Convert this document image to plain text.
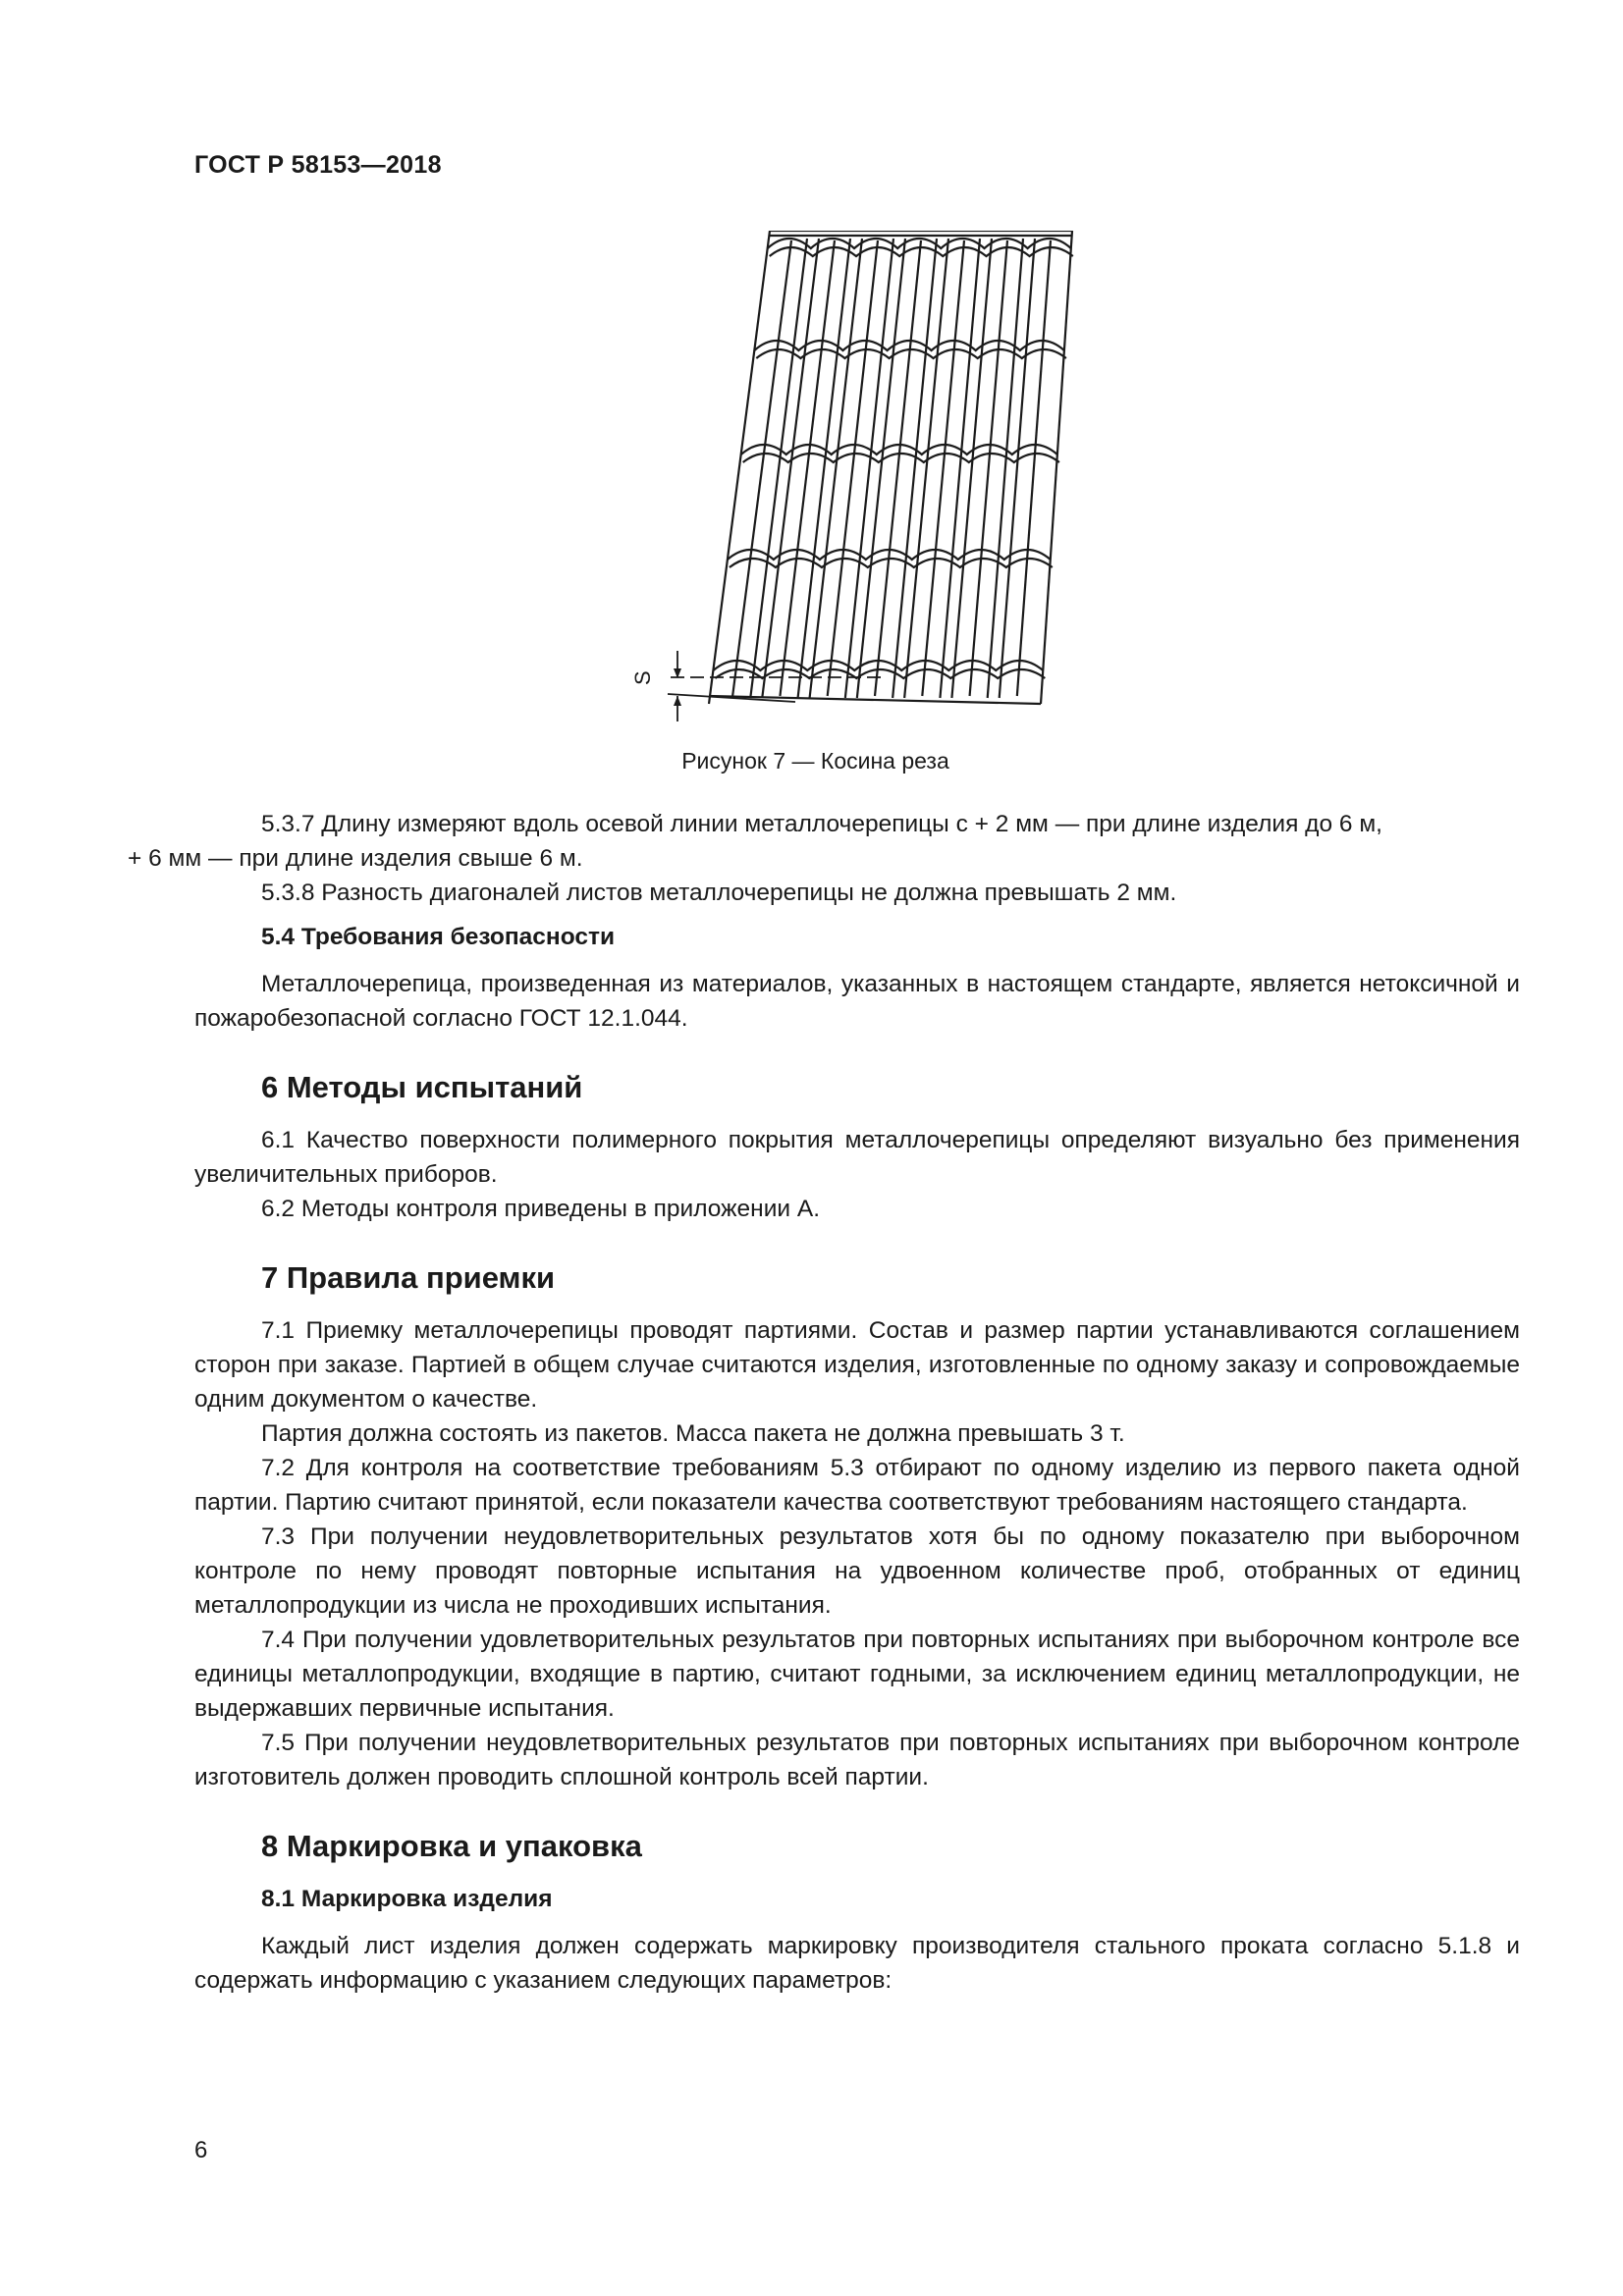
ГОСТ Р 58153—2018
S
Рисунок 7 — Косина реза

5.3.7 Длину измеряют вдоль осевой линии металлочерепицы с + 2 мм — при длине изделия до 6 м,
+ 6 мм — при длине изделия свыше 6 м.

5.3.8 Разность диагоналей листов металлочерепицы не должна превышать 2 мм.

5.4 Требования безопасности

Металлочерепица, произведенная из материалов, указанных в настоящем стандарте, является нетоксичной и пожаробезопасной согласно ГОСТ 12.1.044.

6 Методы испытаний

6.1 Качество поверхности полимерного покрытия металлочерепицы определяют визуально без применения увеличительных приборов.

6.2 Методы контроля приведены в приложении А.

7 Правила приемки

7.1 Приемку металлочерепицы проводят партиями. Состав и размер партии устанавливаются соглашением сторон при заказе. Партией в общем случае считаются изделия, изготовленные по одному заказу и сопровождаемые одним документом о качестве.

Партия должна состоять из пакетов. Масса пакета не должна превышать 3 т.

7.2 Для контроля на соответствие требованиям 5.3 отбирают по одному изделию из первого пакета одной партии. Партию считают принятой, если показатели качества соответствуют требованиям настоящего стандарта.

7.3 При получении неудовлетворительных результатов хотя бы по одному показателю при выборочном контроле по нему проводят повторные испытания на удвоенном количестве проб, отобранных от единиц металлопродукции из числа не проходивших испытания.

7.4 При получении удовлетворительных результатов при повторных испытаниях при выборочном контроле все единицы металлопродукции, входящие в партию, считают годными, за исключением единиц металлопродукции, не выдержавших первичные испытания.

7.5 При получении неудовлетворительных результатов при повторных испытаниях при выборочном контроле изготовитель должен проводить сплошной контроль всей партии.

8 Маркировка и упаковка

8.1 Маркировка изделия

Каждый лист изделия должен содержать маркировку производителя стального проката согласно 5.1.8 и содержать информацию с указанием следующих параметров:

6
